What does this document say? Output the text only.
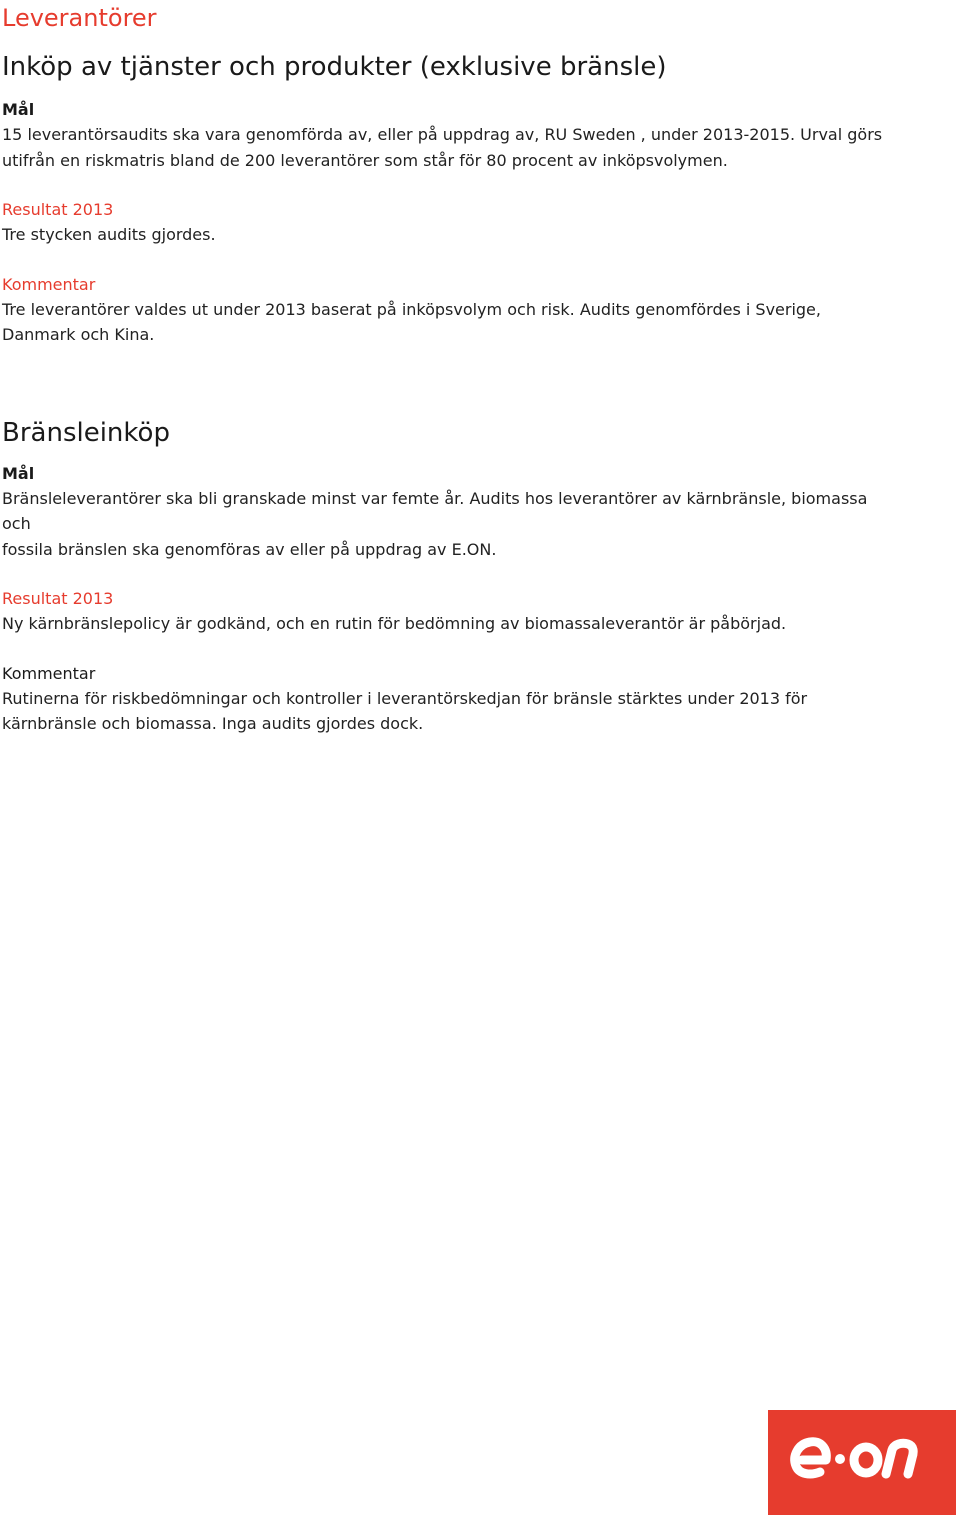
Leverantörer
Inköp av tjänster och produkter (exklusive bränsle)

Mål

15 leverantörsaudits ska vara genomförda av, eller på uppdrag av, RU Sweden , under 2013-2015. Urval görs
utifrån en riskmatris bland de 200 leverantörer som står för 80 procent av inköpsvolymen.

Resultat 2013

Tre stycken audits gjordes.

Kommentar

Tre leverantörer valdes ut under 2013 baserat på inköpsvolym och risk. Audits genomfördes i Sverige,
Danmark och Kina.

Bränsleinköp

Mål

Bränsleleverantörer ska bli granskade minst var femte år. Audits hos leverantörer av kärnbränsle, biomassa
och
fossila bränslen ska genomföras av eller på uppdrag av E.ON.

Resultat 2013

Ny kärnbränslepolicy är godkänd, och en rutin för bedömning av biomassaleverantör är påbörjad.

Kommentar

Rutinerna för riskbedömningar och kontroller i leverantörskedjan för bränsle stärktes under 2013 för
kärnbränsle och biomassa. Inga audits gjordes dock.

e.on
